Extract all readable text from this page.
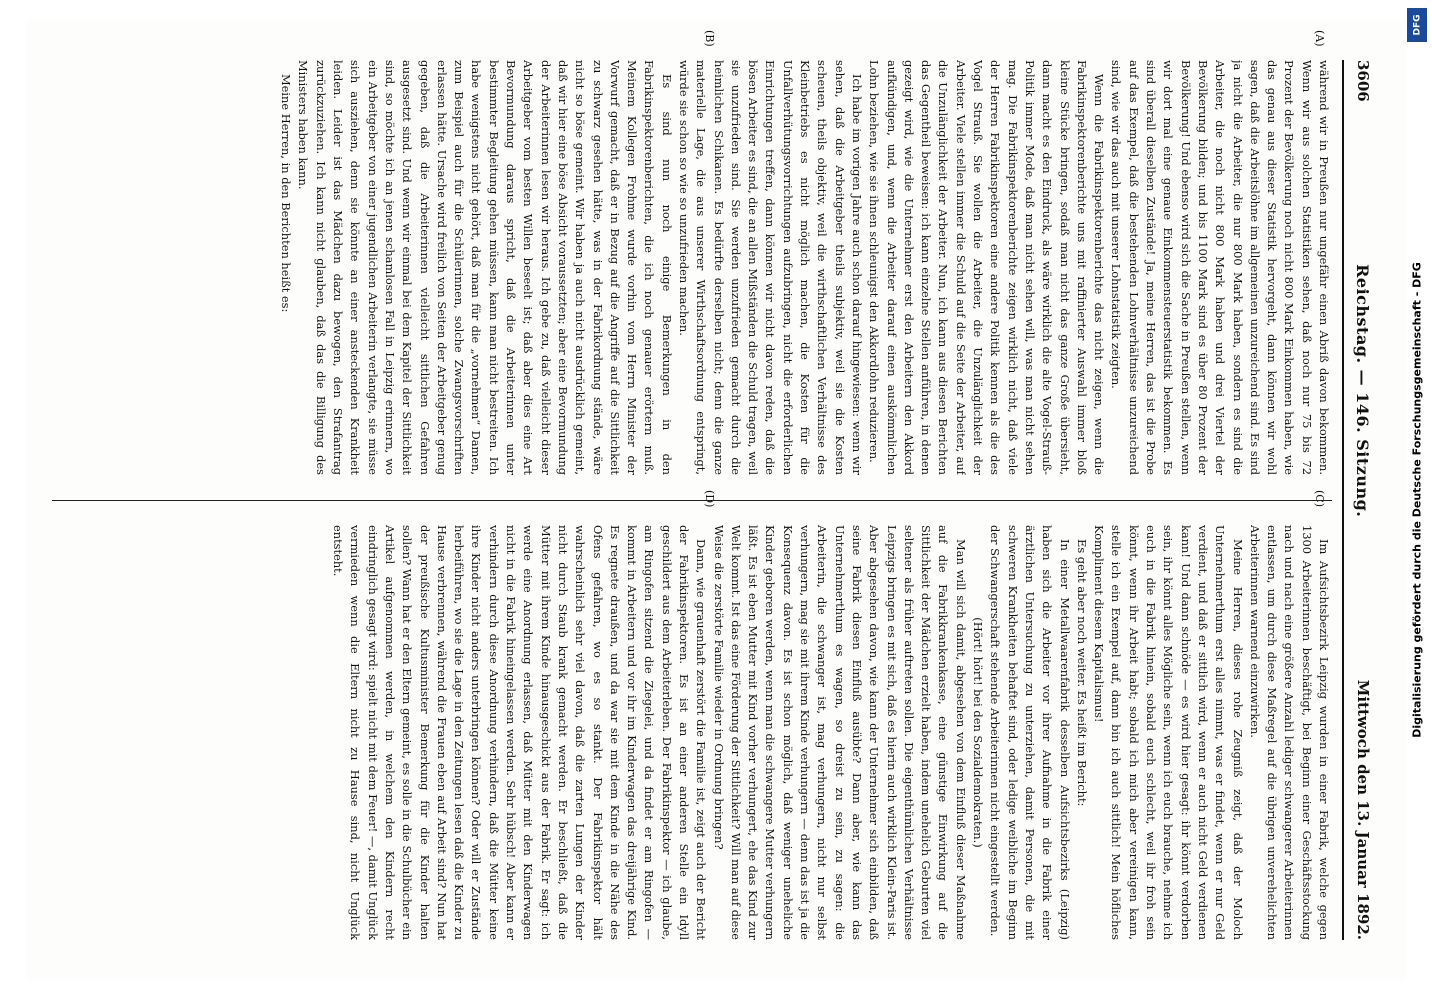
3606
Reichstag. — 146. Sitzung.
Mittwoch den 13. Januar 1892.
(A)
(B)
(C)
(D)

während wir in Preußen nur ungefähr einen Abriß davon bekommen. Wenn wir aus solchen Statistiken sehen, daß noch nur 75 bis 72 Prozent der Bevölkerung noch nicht 800 Mark Einkommen haben, wie das genau aus dieser Statistik hervorgeht, dann können wir wohl sagen, daß die Arbeitslöhne im allgemeinen unzureichend sind. Es sind ja nicht die Arbeiter, die nur 800 Mark haben, sondern es sind die Arbeiter, die noch nicht 800 Mark haben und drei Viertel der Bevölkerung bilden; und bis 1100 Mark sind es über 80 Prozent der Bevölkerung! Und ebenso wird sich die Sache in Preußen stellen, wenn wir dort mal eine genaue Einkommensteuerstatistik bekommen. Es sind überall dieselben Zustände! Ja, meine Herren, das ist die Probe auf das Exempel, daß die bestehenden Lohnverhältnisse unzureichend sind, wie wir das auch mit unserer Lohnstatistik zeigten.

Wenn die Fabrikinspektorenberichte das nicht zeigen, wenn die Fabrikinspektorenberichte uns mit raffinierter Auswahl immer bloß kleine Stücke bringen, sodaß man nicht das ganze Große übersieht, dann macht es den Eindruck, als wäre wirklich die alte Vogel-Strauß-Politik immer Mode, daß man nicht sehen will, was man nicht sehen mag. Die Fabrikinspektorenberichte zeigen wirklich nicht, daß viele der Herren Fabrikinspektoren eine andere Politik kennen als die des Vogel Strauß. Sie wollen die Arbeiter, die Unzulänglichkeit der Arbeiter. Viele stellen immer die Schuld auf die Seite der Arbeiter, auf die Unzulänglichkeit der Arbeiter. Nun, ich kann aus diesen Berichten das Gegentheil beweisen: ich kann einzelne Stellen anführen, in denen gezeigt wird, wie die Unternehmer erst den Arbeitern den Akkord aufkündigen, und, wenn die Arbeiter darauf einen auskömmlichen Lohn beziehen, wie sie ihnen schleunigst den Akkordlohn reduzieren.

Ich habe im vorigen Jahre auch schon darauf hingewiesen: wenn wir sehen, daß die Arbeitgeber theils subjektiv, weil sie die Kosten scheuen, theils objektiv, weil die wirthschaftlichen Verhältnisse des Kleinbetriebs es nicht möglich machen, die Kosten für die Unfallverhütungsvorrichtungen aufzubringen, nicht die erforderlichen Einrichtungen treffen, dann können wir nicht davon reden, daß die bösen Arbeiter es sind, die an allen Mißständen die Schuld tragen, weil sie unzufrieden sind. Sie werden unzufrieden gemacht durch die heimlichen Schikanen. Es bedürfte derselben nicht; denn die ganze materielle Lage, die aus unserer Wirthschaftsordnung entspringt, würde sie schon so wie so unzufrieden machen.

Es sind nun noch einige Bemerkungen in den Fabrikinspektorenberichten, die ich noch genauer erörtern muß. Meinem Kollegen Frohme wurde vorhin vom Herrn Minister der Vorwurf gemacht, daß er in Bezug auf die Angriffe auf die Sittlichkeit zu schwarz gesehen hätte, was in der Fabrikordnung stände, wäre nicht so böse gemeint. Wir haben ja auch nicht ausdrücklich gemeint, daß wir hier eine böse Absicht voraussetzten; aber eine Bevormundung der Arbeiterinnen lesen wir heraus. Ich gebe zu, daß vielleicht dieser Arbeitgeber vom besten Willen beseelt ist; daß aber dies eine Art Bevormundung daraus spricht, daß die Arbeiterinnen unter bestimmter Begleitung gehen müssen, kann man nicht bestreiten. Ich habe wenigstens nicht gehört, daß man für die „vornehmen“ Damen, zum Beispiel auch für die Schülerinnen, solche Zwangsvorschriften erlassen hätte. Ursache wird freilich von Seiten der Arbeitgeber genug gegeben, daß die Arbeiterinnen vielleicht sittlichen Gefahren ausgesetzt sind. Und wenn wir einmal bei dem Kapitel der Sittlichkeit sind, so möchte ich an jenen schamlosen Fall in Leipzig erinnern, wo ein Arbeitgeber von einer jugendlichen Arbeiterin verlangte, sie müsse sich ausziehen, denn sie könnte an einer ansteckenden Krankheit leiden. Leider ist das Mädchen dazu bewogen, den Strafantrag zurückzuziehen. Ich kann nicht glauben, daß das die Billigung des Ministers haben kann.

Meine Herren, in den Berichten heißt es:

Im Aufsichtsbezirk Leipzig wurden in einer Fabrik, welche gegen 1300 Arbeiterinnen beschäftigt, bei Beginn einer Geschäftsstockung nach und nach eine größere Anzahl lediger schwangerer Arbeiterinnen entlassen, um durch diese Maßregel auf die übrigen unverehelichten Arbeiterinnen warnend einzuwirken.

Meine Herren, dieses rohe Zeugniß zeigt, daß der Moloch Unternehmerthum erst alles nimmt, was er findet, wenn er nur Geld verdient, und daß er sittlich wird, wenn er auch nicht Geld verdienen kann! Und dann schnöde — es wird hier gesagt: ihr könnt verdorben sein, ihr könnt alles Mögliche sein, wenn ich euch brauche, nehme ich euch in die Fabrik hinein, sobald euch schlecht, weil ihr froh sein könnt, wenn ihr Arbeit habt; sobald ich mich aber vereinigen kann, stelle ich ein Exempel auf, dann bin ich auch sittlich! Mein höfliches Kompliment diesem Kapitalismus!

Es geht aber noch weiter. Es heißt im Bericht:

In einer Metallwaarenfabrik desselben Aufsichtsbezirks (Leipzig) haben sich die Arbeiter vor ihrer Aufnahme in die Fabrik einer ärztlichen Untersuchung zu unterziehen, damit Personen, die mit schweren Krankheiten behaftet sind, oder ledige weibliche im Beginn der Schwangerschaft stehende Arbeiterinnen nicht eingestellt werden.

(Hört! hört! bei den Sozialdemokraten.)

Man will sich damit, abgesehen von dem Einfluß dieser Maßnahme auf die Fabrikkrankenkasse, eine günstige Einwirkung auf die Sittlichkeit der Mädchen erzielt haben, indem unehelich Geburten viel seltener als früher auftreten sollen. Die eigenthümlichen Verhältnisse Leipzigs bringen es mit sich, daß es hierin auch wirklich Klein-Paris ist. Aber abgesehen davon, wie kann der Unternehmer sich einbilden, daß seine Fabrik diesen Einfluß ausübte? Dann aber, wie kann das Unternehmerthum es wagen, so dreist zu sein, zu sagen: die Arbeiterin, die schwanger ist, mag verhungern, nicht nur selbst verhungern, mag sie mit ihrem Kinde verhungern — denn das ist ja die Konsequenz davon. Es ist schon möglich, daß weniger uneheliche Kinder geboren werden, wenn man die schwangere Mutter verhungern läßt. Es ist eben Mutter mit Kind vorher verhungert, ehe das Kind zur Welt kommt. Ist das eine Förderung der Sittlichkeit? Will man auf diese Weise die zerstörte Familie wieder in Ordnung bringen?

Dann, wie grauenhaft zerstört die Familie ist, zeigt auch der Bericht der Fabrikinspektoren. Es ist an einer anderen Stelle ein Idyll geschildert aus dem Arbeiterleben. Der Fabrikinspektor — ich glaube, am Ringofen sitzend die Ziegelei, und da findet er am Ringofen — kommt in Arbeitern und vor ihr im Kinderwagen das dreijährige Kind. Es regnete draußen, und da war sie mit dem Kinde in die Nähe des Ofens gefahren, wo es so stankt. Der Fabrikinspektor hält wahrscheinlich sehr viel davon, daß die zarten Lungen der Kinder nicht durch Staub krank gemacht werden. Er beschließt, daß die Mütter mit ihrem Kinde hinausgeschickt aus der Fabrik. Er sagt: ich werde eine Anordnung erlassen, daß Mütter mit den Kinderwagen nicht in die Fabrik hineingelassen werden. Sehr hübsch! Aber kann er verhindern durch diese Anordnung verhindern, daß die Mütter keine ihre Kinder nicht anders unterbringen können? Oder will er Zustände herbeiführen, wo sie die Lage in den Zeitungen lesen daß die Kinder zu Hause verbrennen, während die Frauen eben auf Arbeit sind? Nun hat der preußische Kultusminister Bemerkung für die Kinder halten sollen? Wann hat er den Eltern gemeint, es solle in die Schulbücher ein Artikel aufgenommen werden, in welchem den Kindern recht eindringlich gesagt wird: spielt nicht mit dem Feuer! —, damit Unglück vermieden wenn die Eltern nicht zu Hause sind, nicht Unglück entsteht.

DFG
Digitalisierung gefördert durch die Deutsche Forschungsgemeinschaft - DFG
